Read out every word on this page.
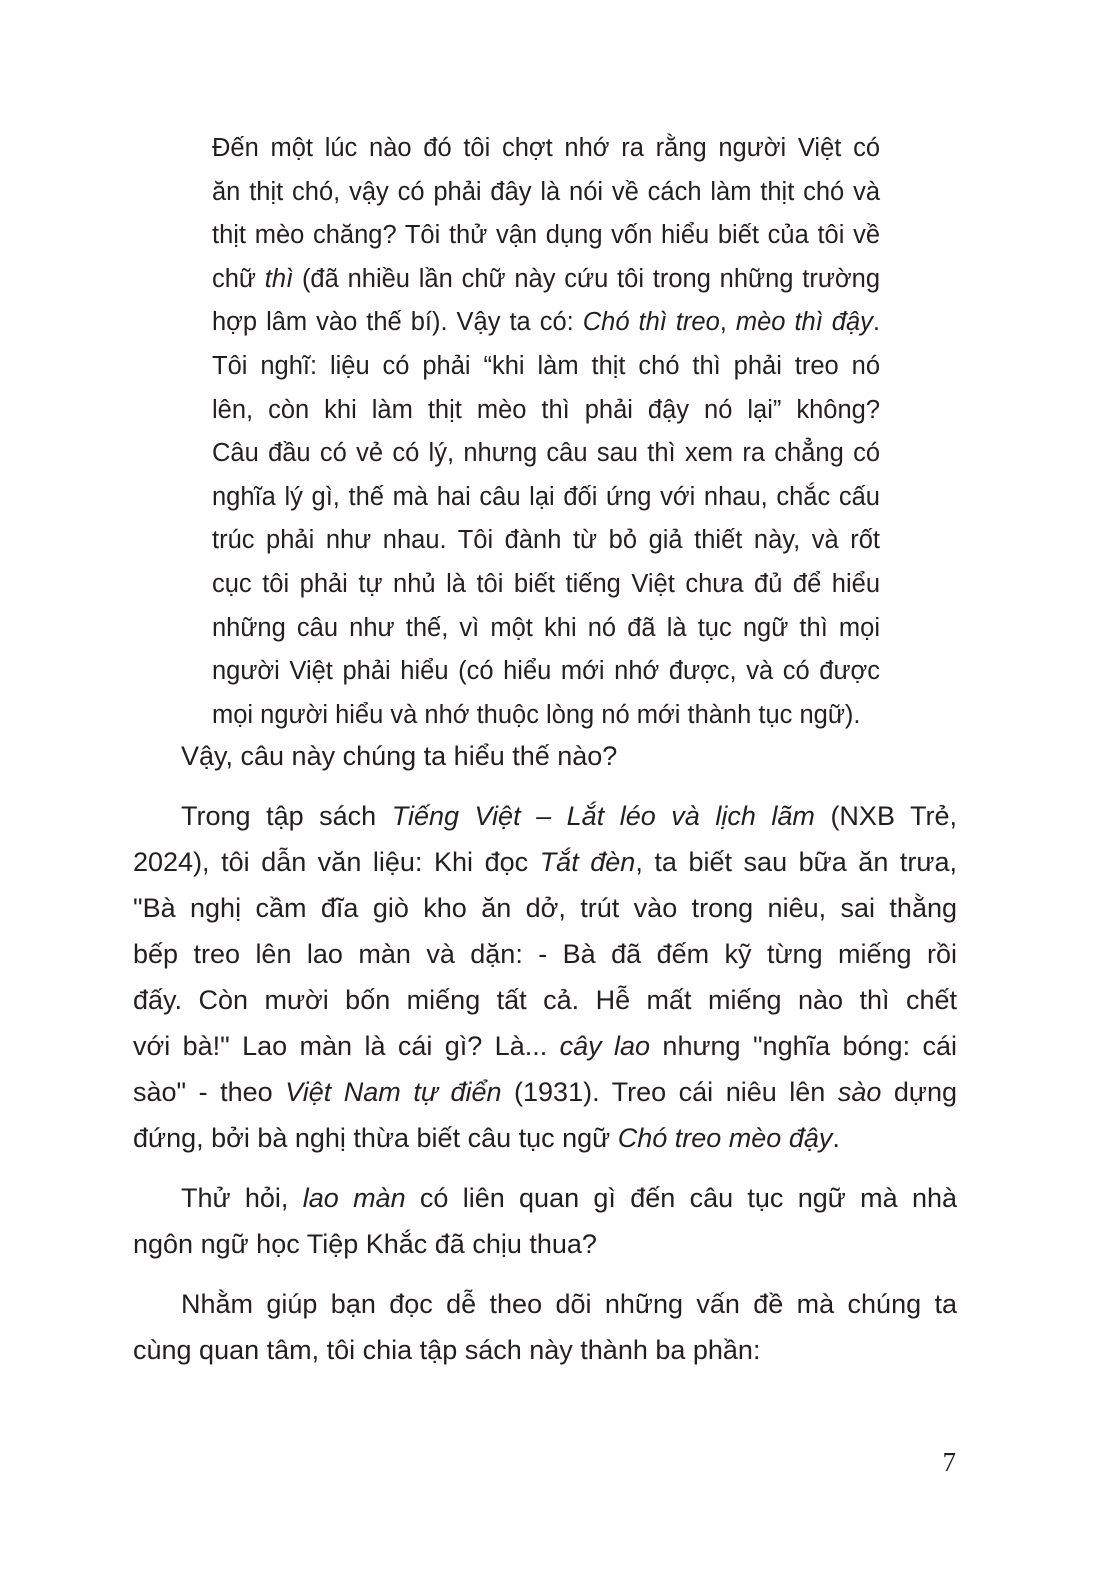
Đến một lúc nào đó tôi chợt nhớ ra rằng người Việt có
ăn thịt chó, vậy có phải đây là nói về cách làm thịt chó và
thịt mèo chăng? Tôi thử vận dụng vốn hiểu biết của tôi về
chữ thì (đã nhiều lần chữ này cứu tôi trong những trường
hợp lâm vào thế bí). Vậy ta có: Chó thì treo, mèo thì đậy.
Tôi nghĩ: liệu có phải “khi làm thịt chó thì phải treo nó
lên, còn khi làm thịt mèo thì phải đậy nó lại” không?
Câu đầu có vẻ có lý, nhưng câu sau thì xem ra chẳng có
nghĩa lý gì, thế mà hai câu lại đối ứng với nhau, chắc cấu
trúc phải như nhau. Tôi đành từ bỏ giả thiết này, và rốt
cục tôi phải tự nhủ là tôi biết tiếng Việt chưa đủ để hiểu
những câu như thế, vì một khi nó đã là tục ngữ thì mọi
người Việt phải hiểu (có hiểu mới nhớ được, và có được
mọi người hiểu và nhớ thuộc lòng nó mới thành tục ngữ).
Vậy, câu này chúng ta hiểu thế nào?
Trong tập sách Tiếng Việt – Lắt léo và lịch lãm (NXB Trẻ,
2024), tôi dẫn văn liệu: Khi đọc Tắt đèn, ta biết sau bữa ăn trưa,
"Bà nghị cầm đĩa giò kho ăn dở, trút vào trong niêu, sai thằng
bếp treo lên lao màn và dặn: - Bà đã đếm kỹ từng miếng rồi
đấy. Còn mười bốn miếng tất cả. Hễ mất miếng nào thì chết
với bà!" Lao màn là cái gì? Là... cây lao nhưng "nghĩa bóng: cái
sào" - theo Việt Nam tự điển (1931). Treo cái niêu lên sào dựng
đứng, bởi bà nghị thừa biết câu tục ngữ Chó treo mèo đậy.
Thử hỏi, lao màn có liên quan gì đến câu tục ngữ mà nhà
ngôn ngữ học Tiệp Khắc đã chịu thua?
Nhằm giúp bạn đọc dễ theo dõi những vấn đề mà chúng ta
cùng quan tâm, tôi chia tập sách này thành ba phần:
7
